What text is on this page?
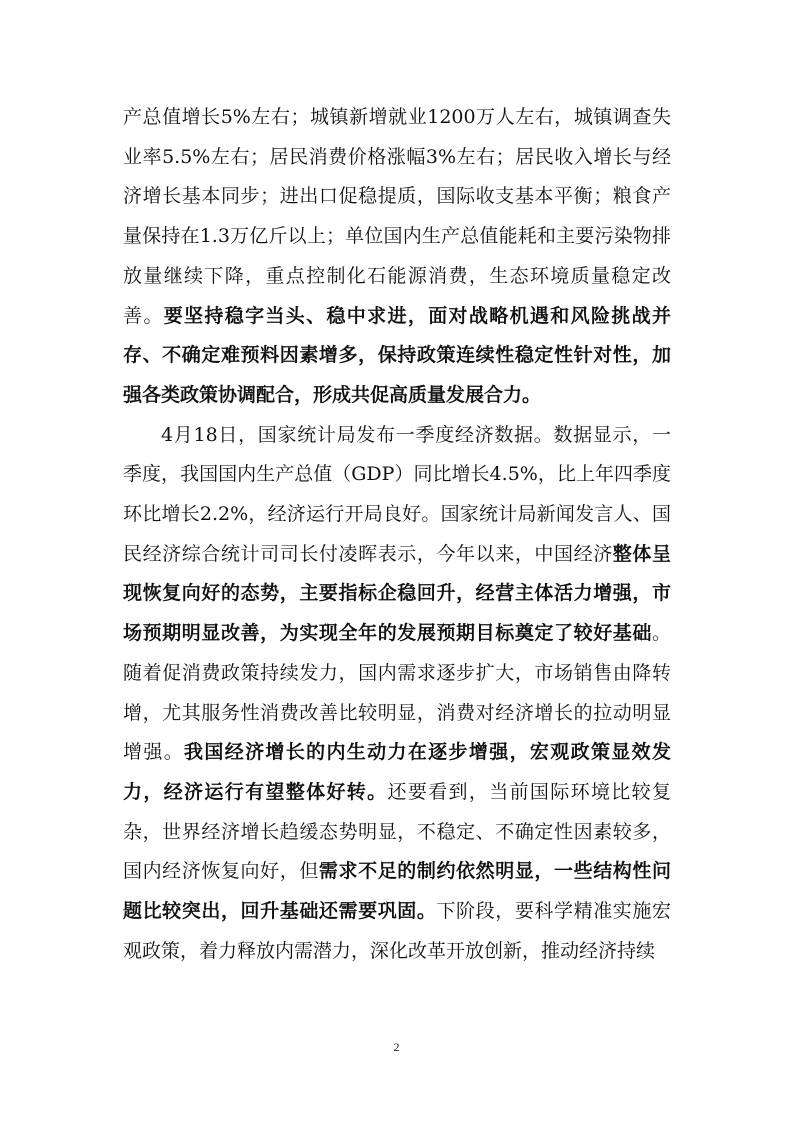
产总值增长5%左右；城镇新增就业1200万人左右，城镇调查失业率5.5%左右；居民消费价格涨幅3%左右；居民收入增长与经济增长基本同步；进出口促稳提质，国际收支基本平衡；粮食产量保持在1.3万亿斤以上；单位国内生产总值能耗和主要污染物排放量继续下降，重点控制化石能源消费，生态环境质量稳定改善。要坚持稳字当头、稳中求进，面对战略机遇和风险挑战并存、不确定难预料因素增多，保持政策连续性稳定性针对性，加强各类政策协调配合，形成共促高质量发展合力。

4月18日，国家统计局发布一季度经济数据。数据显示，一季度，我国国内生产总值（GDP）同比增长4.5%，比上年四季度环比增长2.2%，经济运行开局良好。国家统计局新闻发言人、国民经济综合统计司司长付凌晖表示，今年以来，中国经济整体呈现恢复向好的态势，主要指标企稳回升，经营主体活力增强，市场预期明显改善，为实现全年的发展预期目标奠定了较好基础。随着促消费政策持续发力，国内需求逐步扩大，市场销售由降转增，尤其服务性消费改善比较明显，消费对经济增长的拉动明显增强。我国经济增长的内生动力在逐步增强，宏观政策显效发力，经济运行有望整体好转。还要看到，当前国际环境比较复杂，世界经济增长趋缓态势明显，不稳定、不确定性因素较多，国内经济恢复向好，但需求不足的制约依然明显，一些结构性问题比较突出，回升基础还需要巩固。下阶段，要科学精准实施宏观政策，着力释放内需潜力，深化改革开放创新，推动经济持续

2
